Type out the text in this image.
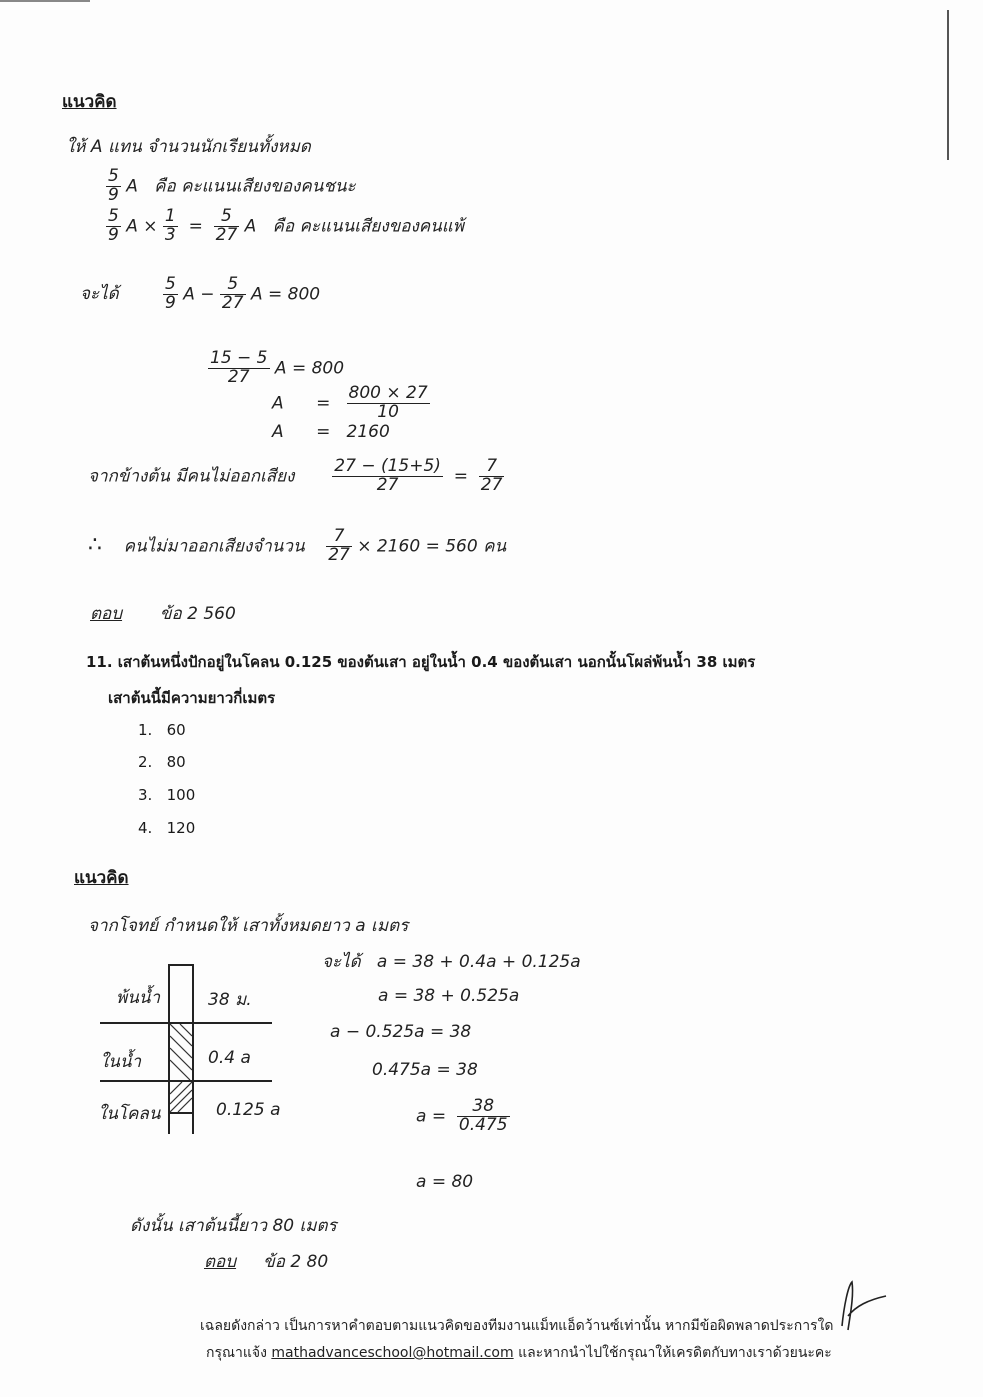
แนวคิด
ให้ A แทน จำนวนนักเรียนทั้งหมด
$\frac{5}{9}$ A คือ คะแนนเสียงของคนชนะ
$\frac{5}{9}$ $A \times \frac{1}{3} = \frac{5}{27}$ A คือ คะแนนเสียงของคนแพ้
จะได้	$\frac{5}{9}$ $A - \frac{5}{27}$ A = 800
$\frac{15 - 5}{27}$ A = 800
$A = \frac{800 \times 27}{10}$
A = 2160
จากข้างต้น มีคนไม่ออกเสียง $\frac{27 - (15+5)}{27} = \frac{7}{27}$
∴ คนไม่มาออกเสียงจำนวน $\frac{7}{27} \times 2160 = 560$ คน
ตอบ ข้อ 2 560
11. เสาต้นหนึ่งปักอยู่ในโคลน 0.125 ของต้นเสา อยู่ในน้ำ 0.4 ของต้นเสา นอกนั้นโผล่พ้นน้ำ 38 เมตร
เสาต้นนี้มีความยาวกี่เมตร
1. 60
2. 80
3. 100
4. 120
แนวคิด
จากโจทย์ กำหนดให้ เสาทั้งหมดยาว a เมตร
พ้นน้ำ	38 ม.
ในน้ำ	0.4 a
ในโคลน	0.125 a
จะได้ a = 38 + 0.4a + 0.125a
a = 38 + 0.525a
a − 0.525a = 38
0.475a = 38
$a = \frac{38}{0.475}$
a = 80
ดังนั้น เสาต้นนี้ยาว 80 เมตร
ตอบ ข้อ 2 80
เฉลยดังกล่าว เป็นการหาคำตอบตามแนวคิดของทีมงานแม็ทแอ็ดว้านซ์เท่านั้น หากมีข้อผิดพลาดประการใด
กรุณาแจ้ง mathadvanceschool@hotmail.com และหากนำไปใช้กรุณาให้เครดิตกับทางเราด้วยนะคะ
